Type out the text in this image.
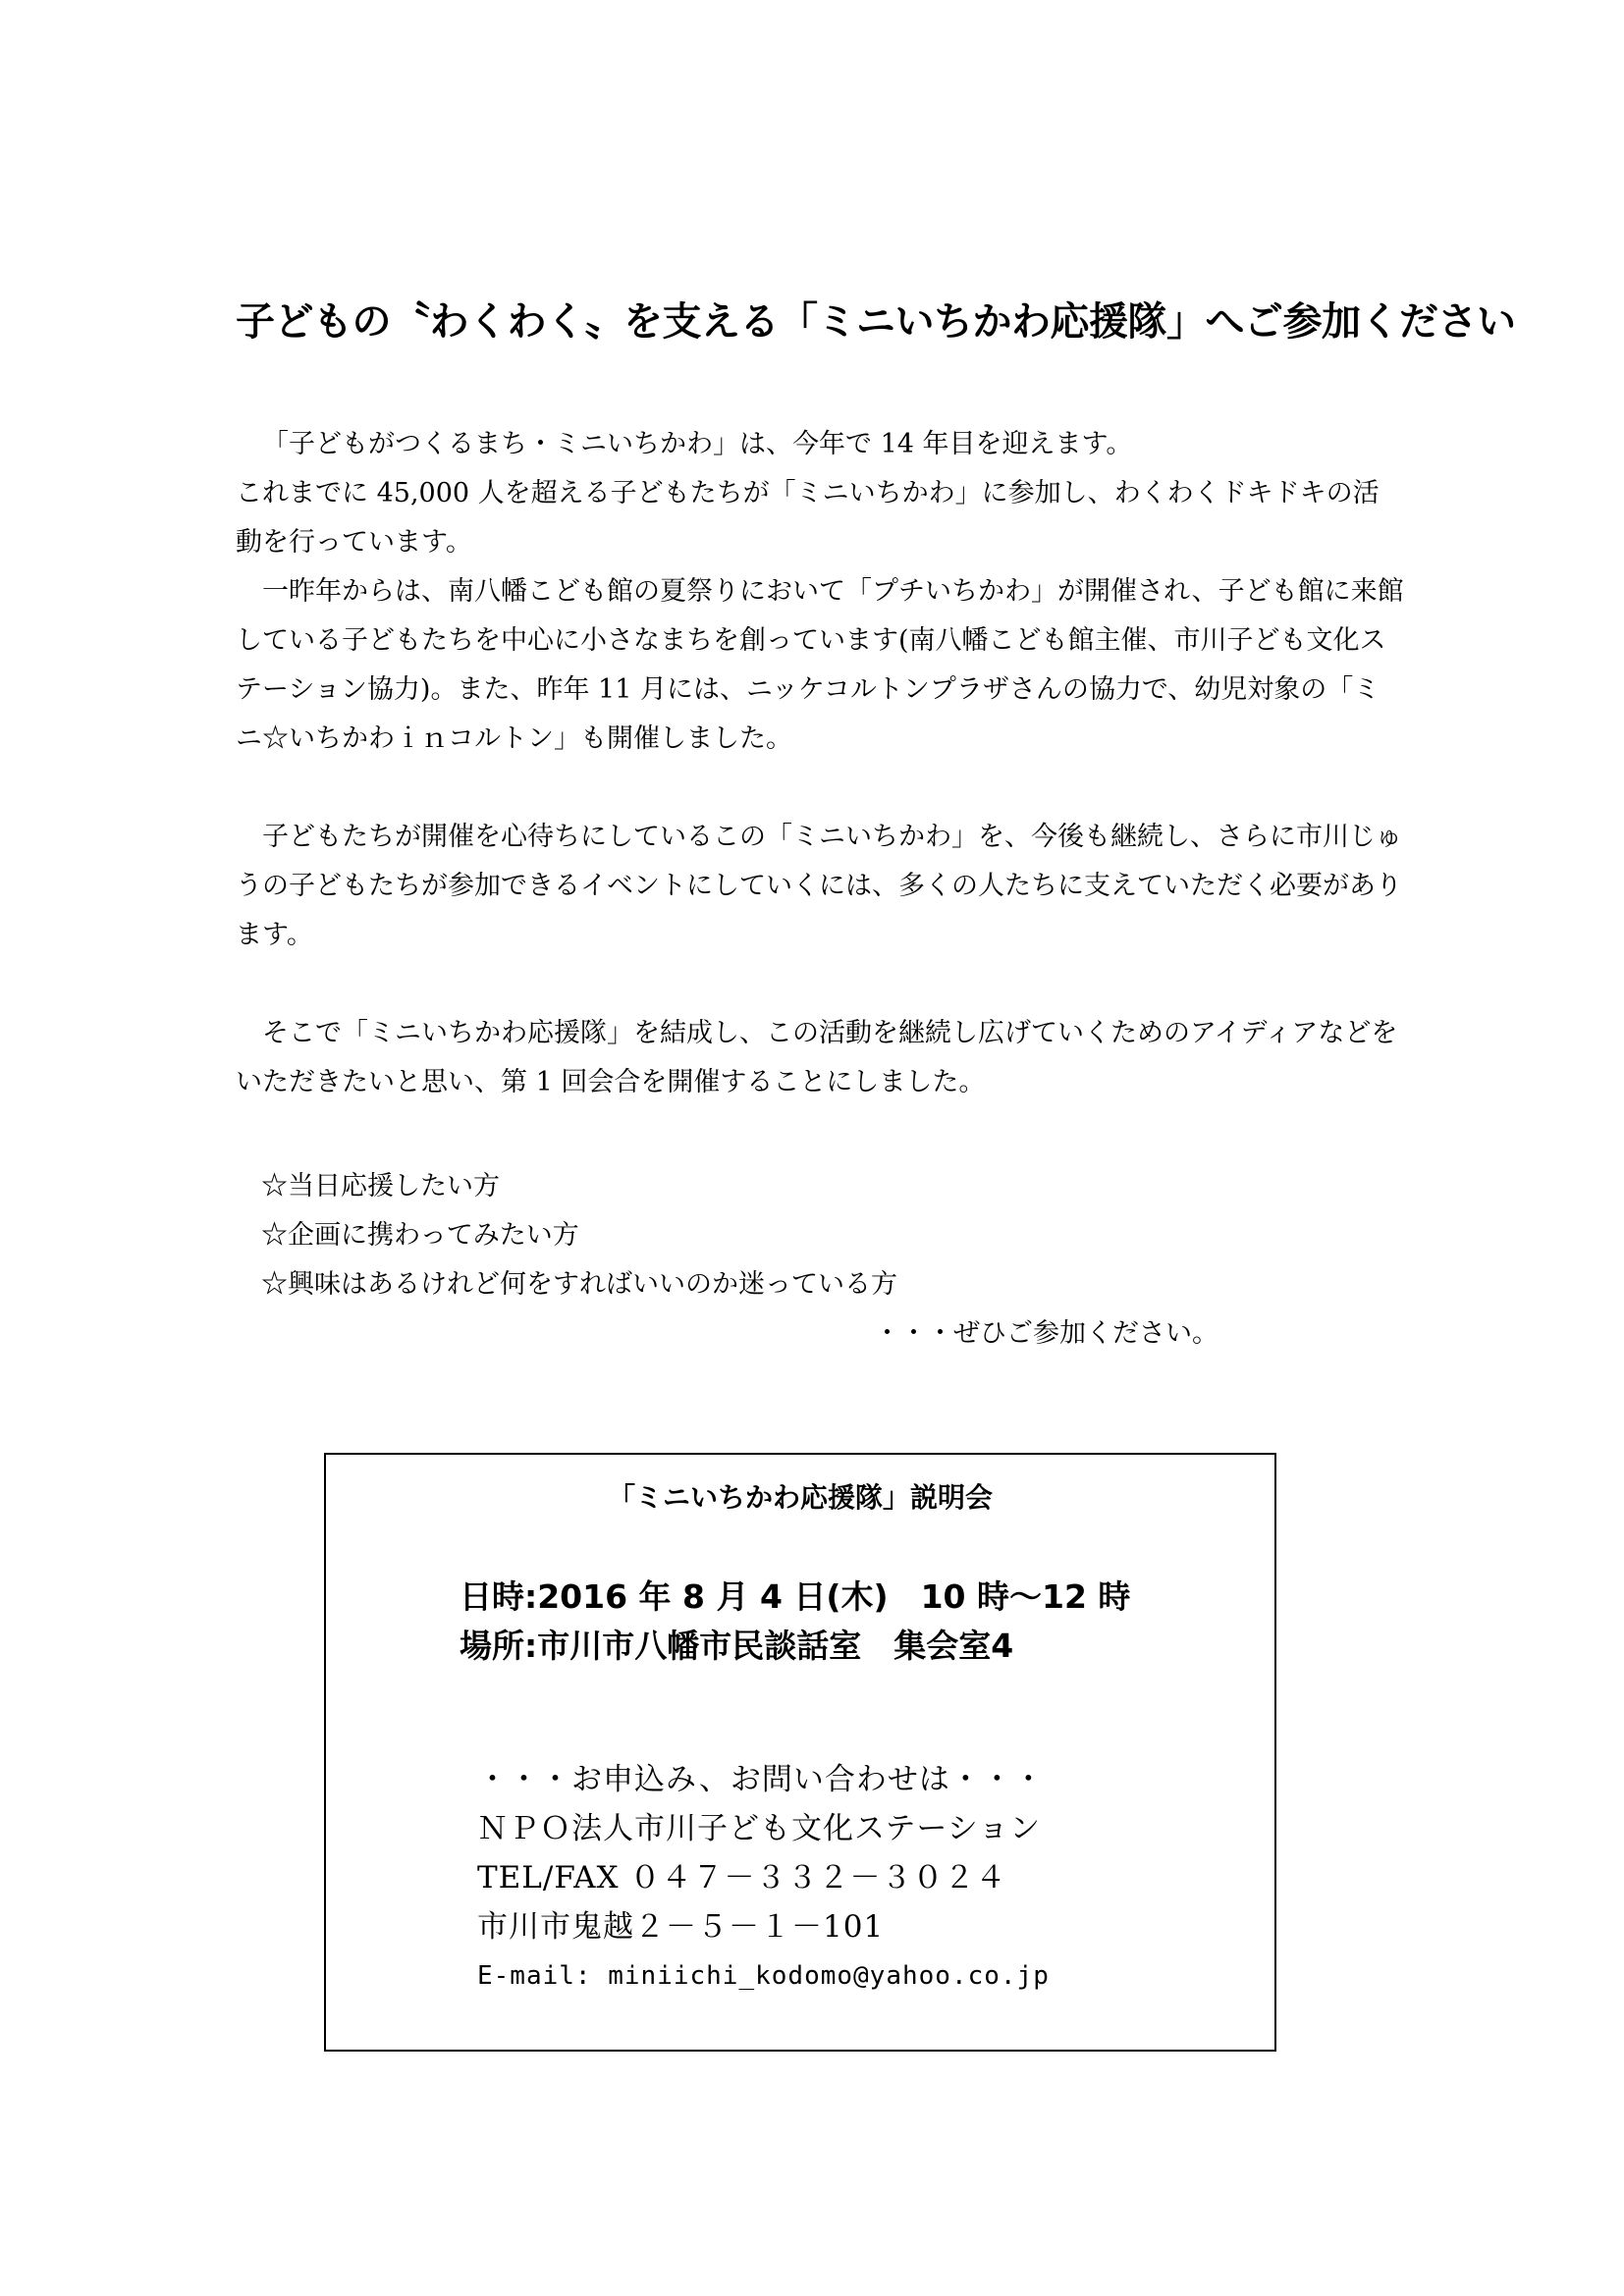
子どもの〝わくわく〟を支える「ミニいちかわ応援隊」へご参加ください

「子どもがつくるまち・ミニいちかわ」は、今年で 14 年目を迎えます。

これまでに 45,000 人を超える子どもたちが「ミニいちかわ」に参加し、わくわくドキドキの活動を行っています。

一昨年からは、南八幡こども館の夏祭りにおいて「プチいちかわ」が開催され、子ども館に来館している子どもたちを中心に小さなまちを創っています(南八幡こども館主催、市川子ども文化ステーション協力)。また、昨年 11 月には、ニッケコルトンプラザさんの協力で、幼児対象の「ミニ☆いちかわｉｎコルトン」も開催しました。

子どもたちが開催を心待ちにしているこの「ミニいちかわ」を、今後も継続し、さらに市川じゅうの子どもたちが参加できるイベントにしていくには、多くの人たちに支えていただく必要があります。

そこで「ミニいちかわ応援隊」を結成し、この活動を継続し広げていくためのアイディアなどをいただきたいと思い、第 1 回会合を開催することにしました。

☆当日応援したい方
☆企画に携わってみたい方
☆興味はあるけれど何をすればいいのか迷っている方
・・・ぜひご参加ください。
「ミニいちかわ応援隊」説明会
日時:2016 年 8 月 4 日(木)　10 時～12 時
場所:市川市八幡市民談話室　集会室4
・・・お申込み、お問い合わせは・・・
ＮＰＯ法人市川子ども文化ステーション
TEL/FAX ０４７－３３２－３０２４
市川市鬼越２－５－１－101
E-mail: miniichi_kodomo@yahoo.co.jp
